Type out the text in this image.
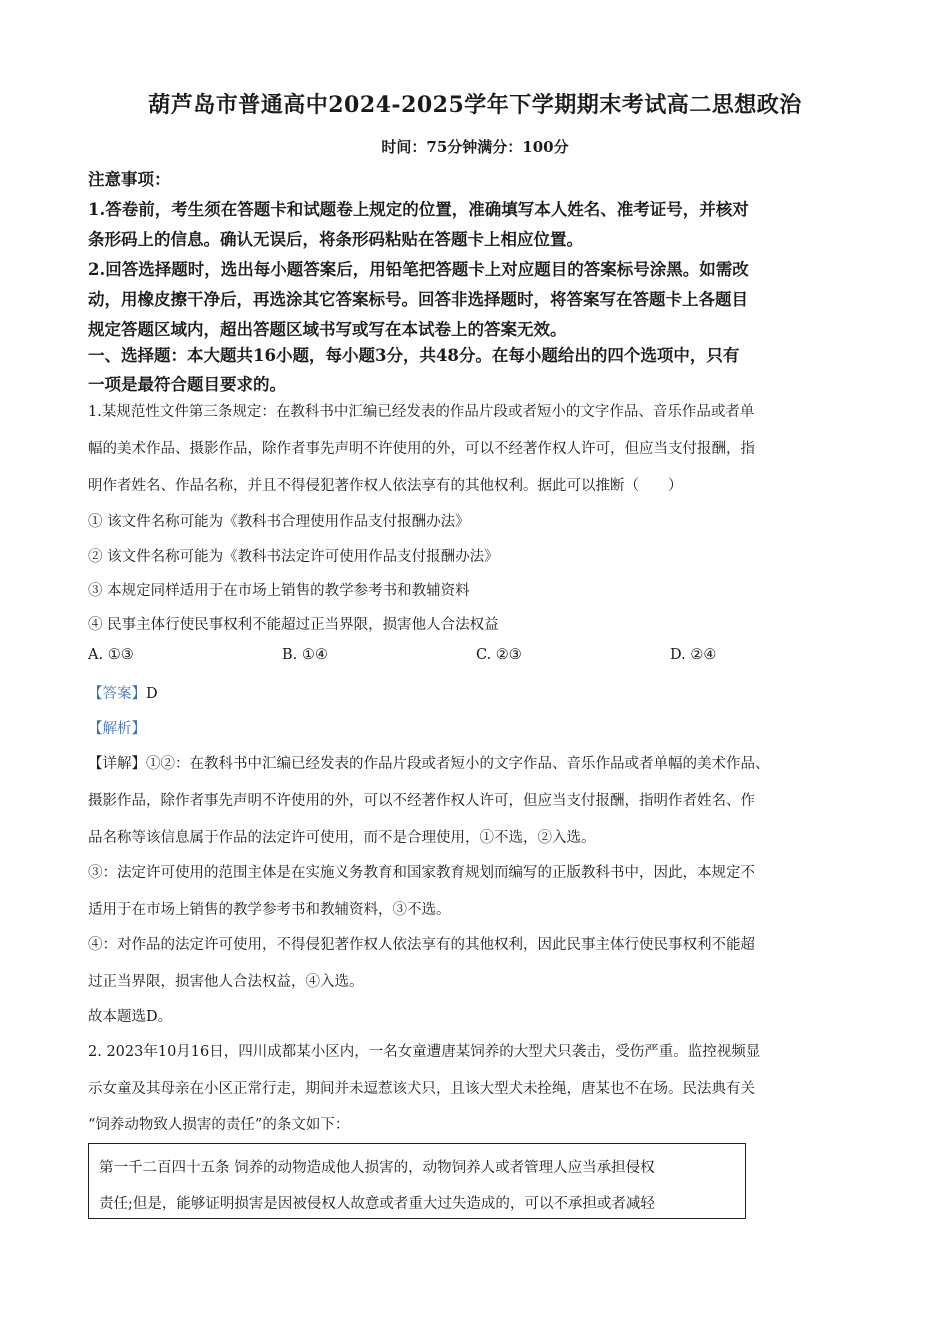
葫芦岛市普通高中2024-2025学年下学期期末考试高二思想政治
时间：75分钟满分：100分
注意事项：
1.答卷前，考生须在答题卡和试题卷上规定的位置，准确填写本人姓名、准考证号，并核对
条形码上的信息。确认无误后，将条形码粘贴在答题卡上相应位置。
2.回答选择题时，选出每小题答案后，用铅笔把答题卡上对应题目的答案标号涂黑。如需改
动，用橡皮擦干净后，再选涂其它答案标号。回答非选择题时，将答案写在答题卡上各题目
规定答题区域内，超出答题区域书写或写在本试卷上的答案无效。
一、选择题：本大题共16小题，每小题3分，共48分。在每小题给出的四个选项中，只有
一项是最符合题目要求的。
1.某规范性文件第三条规定：在教科书中汇编已经发表的作品片段或者短小的文字作品、音乐作品或者单
幅的美术作品、摄影作品，除作者事先声明不许使用的外，可以不经著作权人许可，但应当支付报酬，指
明作者姓名、作品名称，并且不得侵犯著作权人依法享有的其他权利。据此可以推断（　　）
① 该文件名称可能为《教科书合理使用作品支付报酬办法》
② 该文件名称可能为《教科书法定许可使用作品支付报酬办法》
③ 本规定同样适用于在市场上销售的教学参考书和教辅资料
④ 民事主体行使民事权利不能超过正当界限，损害他人合法权益
A. ①③	B. ①④	C. ②③	D. ②④
【答案】D
【解析】
【详解】①②：在教科书中汇编已经发表的作品片段或者短小的文字作品、音乐作品或者单幅的美术作品、
摄影作品，除作者事先声明不许使用的外，可以不经著作权人许可，但应当支付报酬，指明作者姓名、作
品名称等该信息属于作品的法定许可使用，而不是合理使用，①不选，②入选。
③：法定许可使用的范围主体是在实施义务教育和国家教育规划而编写的正版教科书中，因此，本规定不
适用于在市场上销售的教学参考书和教辅资料，③不选。
④：对作品的法定许可使用，不得侵犯著作权人依法享有的其他权利，因此民事主体行使民事权利不能超
过正当界限，损害他人合法权益，④入选。
故本题选D。
2. 2023年10月16日，四川成都某小区内，一名女童遭唐某饲养的大型犬只袭击，受伤严重。监控视频显
示女童及其母亲在小区正常行走，期间并未逗惹该犬只，且该大型犬未拴绳，唐某也不在场。民法典有关
“饲养动物致人损害的责任”的条文如下：
第一千二百四十五条 饲养的动物造成他人损害的，动物饲养人或者管理人应当承担侵权
责任;但是，能够证明损害是因被侵权人故意或者重大过失造成的，可以不承担或者减轻
